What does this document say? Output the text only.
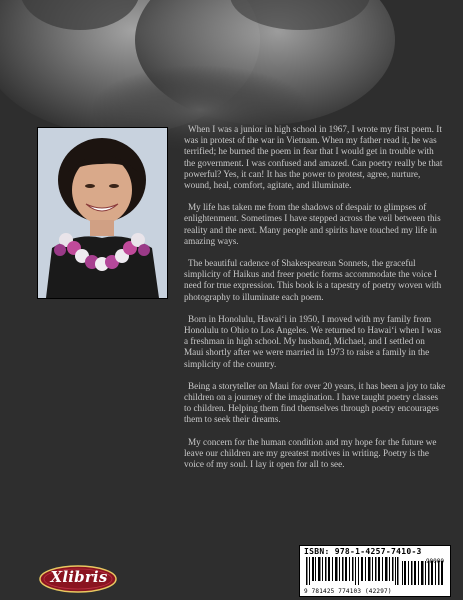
When I was a junior in high school in 1967, I wrote my first poem. It was in protest of the war in Vietnam. When my father read it, he was terrified; he burned the poem in fear that I would get in trouble with the government. I was confused and amazed. Can poetry really be that powerful? Yes, it can! It has the power to protest, agree, nurture, wound, heal, comfort, agitate, and illuminate.

My life has taken me from the shadows of despair to glimpses of enlightenment. Sometimes I have stepped across the veil between this reality and the next. Many people and spirits have touched my life in amazing ways.

The beautiful cadence of Shakespearean Sonnets, the graceful simplicity of Haikus and freer poetic forms accommodate the voice I need for true expression. This book is a tapestry of poetry woven with photography to illuminate each poem.

Born in Honolulu, Hawai‘i in 1950, I moved with my family from Honolulu to Ohio to Los Angeles. We returned to Hawai‘i when I was a freshman in high school. My husband, Michael, and I settled on Maui shortly after we were married in 1973 to raise a family in the simplicity of the country.

Being a storyteller on Maui for over 20 years, it has been a joy to take children on a journey of the imagination. I have taught poetry classes to children. Helping them find themselves through poetry encourages them to seek their dreams.

My concern for the human condition and my hope for the future we leave our children are my greatest motives in writing. Poetry is the voice of my soul. I lay it open for all to see.

ISBN: 978-1-4257-7410-3
90000
9 781425 774103 (42297)
Xlibris
